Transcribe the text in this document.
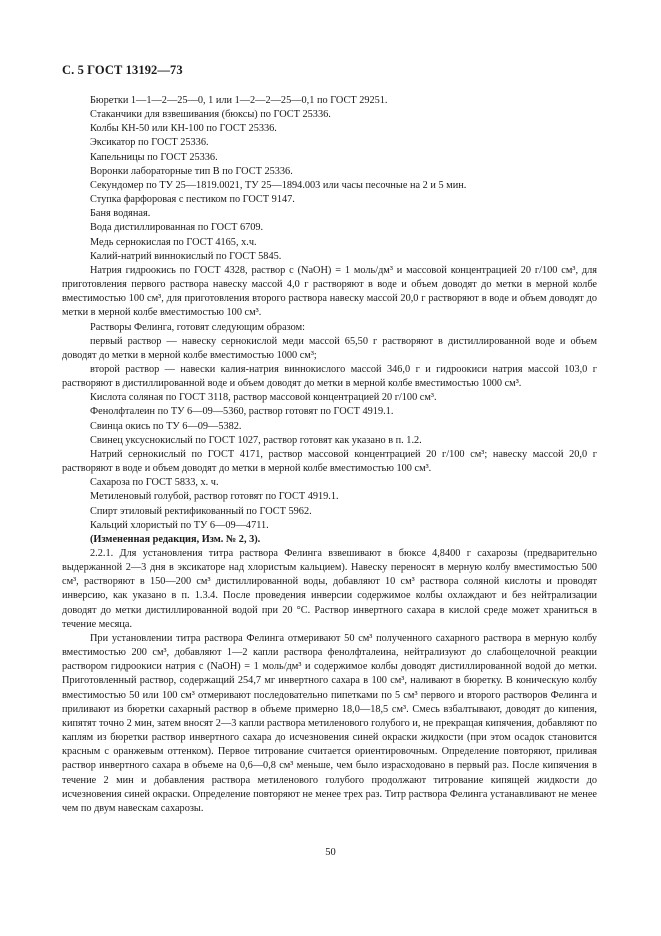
С. 5 ГОСТ 13192—73

Бюретки 1—1—2—25—0, 1 или 1—2—2—25—0,1 по ГОСТ 29251.

Стаканчики для взвешивания (бюксы) по ГОСТ 25336.

Колбы КН-50 или КН-100 по ГОСТ 25336.

Эксикатор по ГОСТ 25336.

Капельницы по ГОСТ 25336.

Воронки лабораторные тип В по ГОСТ 25336.

Секундомер по ТУ 25—1819.0021, ТУ 25—1894.003 или часы песочные на 2 и 5 мин.

Ступка фарфоровая с пестиком по ГОСТ 9147.

Баня водяная.

Вода дистиллированная по ГОСТ 6709.

Медь сернокислая по ГОСТ 4165, х.ч.

Калий-натрий виннокислый по ГОСТ 5845.

Натрия гидроокись по ГОСТ 4328, раствор c (NaOH) = 1 моль/дм³ и массовой концентрацией 20 г/100 см³, для приготовления первого раствора навеску массой 4,0 г растворяют в воде и объем доводят до метки в мерной колбе вместимостью 100 см³, для приготовления второго раствора навеску массой 20,0 г растворяют в воде и объем доводят до метки в мерной колбе вместимостью 100 см³.

Растворы Фелинга, готовят следующим образом:

первый раствор — навеску сернокислой меди массой 65,50 г растворяют в дистиллированной воде и объем доводят до метки в мерной колбе вместимостью 1000 см³;

второй раствор — навески калия-натрия виннокислого массой 346,0 г и гидроокиси натрия массой 103,0 г растворяют в дистиллированной воде и объем доводят до метки в мерной колбе вместимостью 1000 см³.

Кислота соляная по ГОСТ 3118, раствор массовой концентрацией 20 г/100 см³.

Фенолфталеин по ТУ 6—09—5360, раствор готовят по ГОСТ 4919.1.

Свинца окись по ТУ 6—09—5382.

Свинец уксуснокислый по ГОСТ 1027, раствор готовят как указано в п. 1.2.

Натрий сернокислый по ГОСТ 4171, раствор массовой концентрацией 20 г/100 см³; навеску массой 20,0 г растворяют в воде и объем доводят до метки в мерной колбе вместимостью 100 см³.

Сахароза по ГОСТ 5833, х. ч.

Метиленовый голубой, раствор готовят по ГОСТ 4919.1.

Спирт этиловый ректификованный по ГОСТ 5962.

Кальций хлористый по ТУ 6—09—4711.

(Измененная редакция, Изм. № 2, 3).

2.2.1. Для установления титра раствора Фелинга взвешивают в бюксе 4,8400 г сахарозы (предварительно выдержанной 2—3 дня в эксикаторе над хлористым кальцием). Навеску переносят в мерную колбу вместимостью 500 см³, растворяют в 150—200 см³ дистиллированной воды, добавляют 10 см³ раствора соляной кислоты и проводят инверсию, как указано в п. 1.3.4. После проведения инверсии содержимое колбы охлаждают и без нейтрализации доводят до метки дистиллированной водой при 20 °С. Раствор инвертного сахара в кислой среде может храниться в течение месяца.

При установлении титра раствора Фелинга отмеривают 50 см³ полученного сахарного раствора в мерную колбу вместимостью 200 см³, добавляют 1—2 капли раствора фенолфталеина, нейтрализуют до слабощелочной реакции раствором гидроокиси натрия c (NaOH) = 1 моль/дм³ и содержимое колбы доводят дистиллированной водой до метки. Приготовленный раствор, содержащий 254,7 мг инвертного сахара в 100 см³, наливают в бюретку. В коническую колбу вместимостью 50 или 100 см³ отмеривают последовательно пипетками по 5 см³ первого и второго растворов Фелинга и приливают из бюретки сахарный раствор в объеме примерно 18,0—18,5 см³. Смесь взбалтывают, доводят до кипения, кипятят точно 2 мин, затем вносят 2—3 капли раствора метиленового голубого и, не прекращая кипячения, добавляют по каплям из бюретки раствор инвертного сахара до исчезновения синей окраски жидкости (при этом осадок становится красным с оранжевым оттенком). Первое титрование считается ориентировочным. Определение повторяют, приливая раствор инвертного сахара в объеме на 0,6—0,8 см³ меньше, чем было израсходовано в первый раз. После кипячения в течение 2 мин и добавления раствора метиленового голубого продолжают титрование кипящей жидкости до исчезновения синей окраски. Определение повторяют не менее трех раз. Титр раствора Фелинга устанавливают не менее чем по двум навескам сахарозы.

50
